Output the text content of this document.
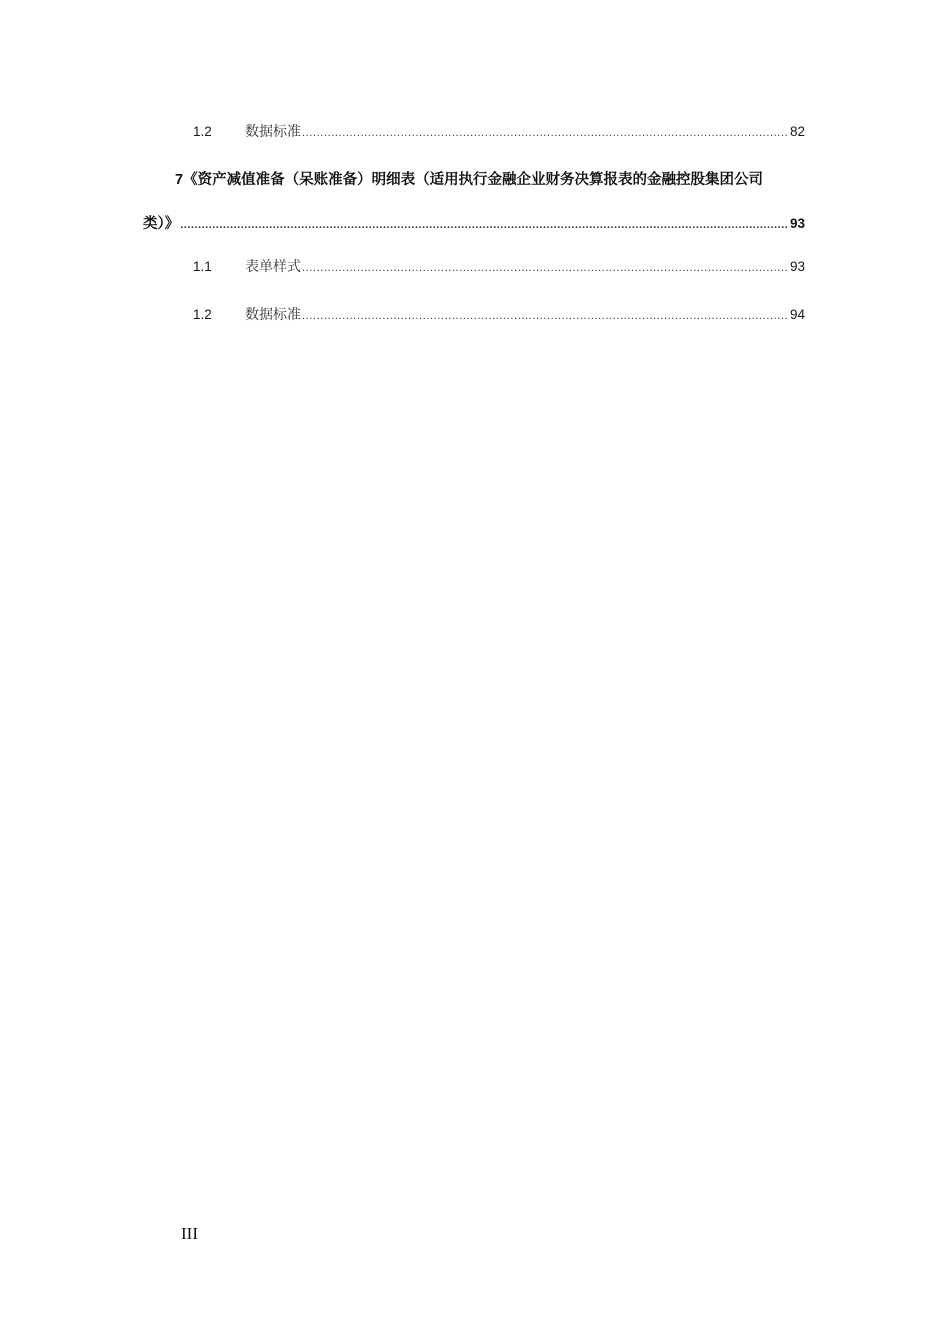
1.2	数据标准 .....	82
7《资产减值准备（呆账准备）明细表（适用执行金融企业财务决算报表的金融控股集团公司
类）》 .....	93
1.1	表单样式 .....	93
1.2	数据标准 .....	94
III
